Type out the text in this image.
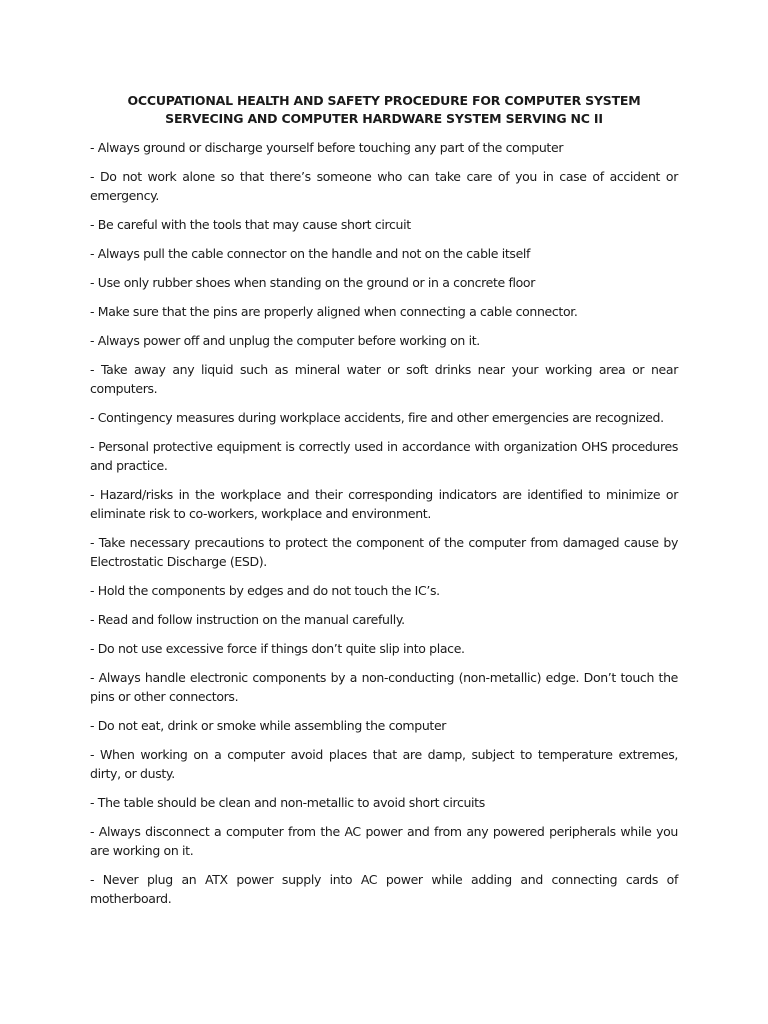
OCCUPATIONAL HEALTH AND SAFETY PROCEDURE FOR COMPUTER SYSTEM
SERVECING AND COMPUTER HARDWARE SYSTEM SERVING NC II
- Always ground or discharge yourself before touching any part of the computer
- Do not work alone so that there’s someone who can take care of you in case of accident or emergency.
- Be careful with the tools that may cause short circuit
- Always pull the cable connector on the handle and not on the cable itself
- Use only rubber shoes when standing on the ground or in a concrete floor
- Make sure that the pins are properly aligned when connecting a cable connector.
- Always power off and unplug the computer before working on it.
- Take away any liquid such as mineral water or soft drinks near your working area or near computers.
- Contingency measures during workplace accidents, fire and other emergencies are recognized.
- Personal protective equipment is correctly used in accordance with organization OHS procedures and practice.
- Hazard/risks in the workplace and their corresponding indicators are identified to minimize or eliminate risk to co-workers, workplace and environment.
- Take necessary precautions to protect the component of the computer from damaged cause by Electrostatic Discharge (ESD).
- Hold the components by edges and do not touch the IC’s.
- Read and follow instruction on the manual carefully.
- Do not use excessive force if things don’t quite slip into place.
- Always handle electronic components by a non-conducting (non-metallic) edge. Don’t touch the pins or other connectors.
- Do not eat, drink or smoke while assembling the computer
- When working on a computer avoid places that are damp, subject to temperature extremes, dirty, or dusty.
- The table should be clean and non-metallic to avoid short circuits
- Always disconnect a computer from the AC power and from any powered peripherals while you are working on it.
- Never plug an ATX power supply into AC power while adding and connecting cards of motherboard.
